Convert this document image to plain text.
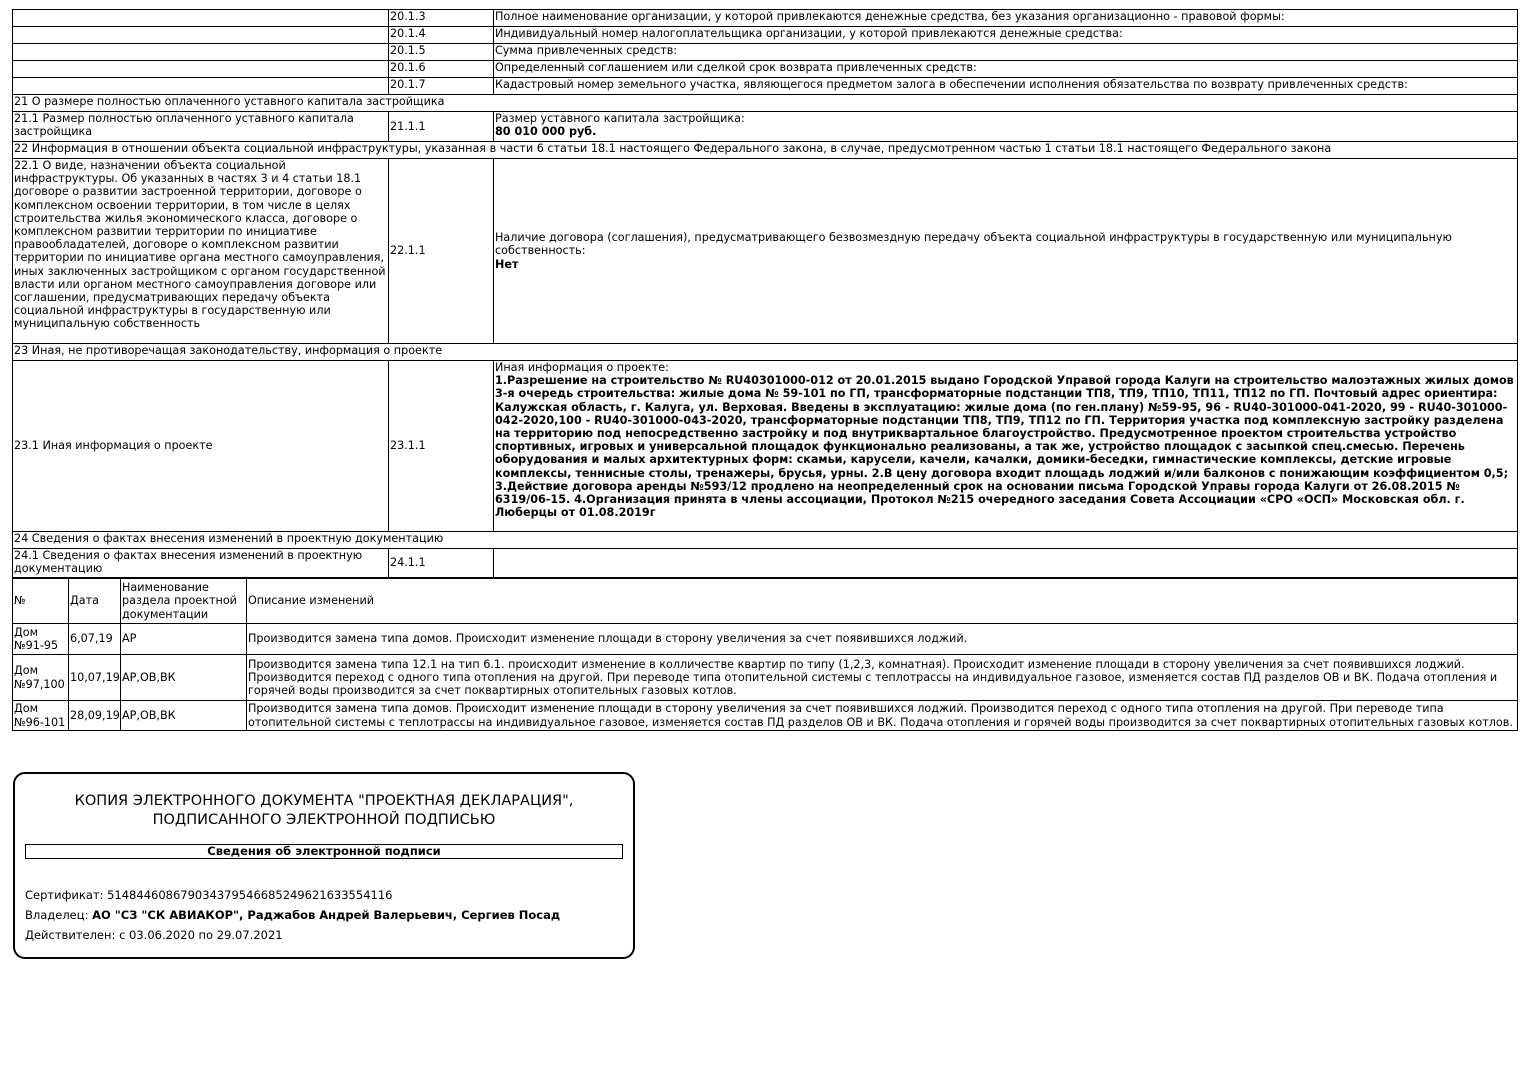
	20.1.3	Полное наименование организации, у которой привлекаются денежные средства, без указания организационно - правовой формы:
	20.1.4	Индивидуальный номер налогоплательщика организации, у которой привлекаются денежные средства:
	20.1.5	Сумма привлеченных средств:
	20.1.6	Определенный соглашением или сделкой срок возврата привлеченных средств:
	20.1.7	Кадастровый номер земельного участка, являющегося предметом залога в обеспечении исполнения обязательства по возврату привлеченных средств:
21 О размере полностью оплаченного уставного капитала застройщика		
21.1 Размер полностью оплаченного уставного капитала застройщика	21.1.1	Размер уставного капитала застройщика:
80 010 000 руб.

22 Информация в отношении объекта социальной инфраструктуры, указанная в части 6 статьи 18.1 настоящего Федерального закона, в случае, предусмотренном частью 1 статьи 18.1 настоящего Федерального закона		
22.1 О виде, назначении объекта социальной инфраструктуры. Об указанных в частях 3 и 4 статьи 18.1 договоре о развитии застроенной территории, договоре о комплексном освоении территории, в том числе в целях строительства жилья экономического класса, договоре о комплексном развитии территории по инициативе правообладателей, договоре о комплексном развитии территории по инициативе органа местного самоуправления, иных заключенных застройщиком с органом государственной власти или органом местного самоуправления договоре или соглашении, предусматривающих передачу объекта социальной инфраструктуры в государственную или муниципальную собственность	22.1.1	Наличие договора (соглашения), предусматривающего безвозмездную передачу объекта социальной инфраструктуры в государственную или муниципальную собственность:
Нет

23 Иная, не противоречащая законодательству, информация о проекте		
23.1 Иная информация о проекте	23.1.1	Иная информация о проекте:
1.Разрешение на строительство № RU40301000-012 от 20.01.2015 выдано Городской Управой города Калуги на строительство малоэтажных жилых домов 3-я очередь строительства: жилые дома № 59-101 по ГП, трансформаторные подстанции ТП8, ТП9, ТП10, ТП11, ТП12 по ГП. Почтовый адрес ориентира: Калужская область, г. Калуга, ул. Верховая. Введены в эксплуатацию: жилые дома (по ген.плану) №59-95, 96 - RU40-301000-041-2020, 99 - RU40-301000-042-2020,100 - RU40-301000-043-2020, трансформаторные подстанции ТП8, ТП9, ТП12 по ГП. Территория участка под комплексную застройку разделена на территорию под непосредственно застройку и под внутриквартальное благоустройство. Предусмотренное проектом строительства устройство спортивных, игровых и универсальной площадок функционально реализованы, а так же, устройство площадок с засыпкой спец.смесью. Перечень оборудования и малых архитектурных форм: скамьи, карусели, качели, качалки, домики-беседки, гимнастические комплексы, детские игровые комплексы, теннисные столы, тренажеры, брусья, урны. 2.В цену договора входит площадь лоджий и/или балконов с понижающим коэффициентом 0,5; 3.Действие договора аренды №593/12 продлено на неопределенный срок на основании письма Городской Управы города Калуги от 26.08.2015 № 6319/06-15. 4.Организация принята в члены ассоциации, Протокол №215 очередного заседания Совета Ассоциации «СРО «ОСП» Московская обл. г. Люберцы от 01.08.2019г

24 Сведения о фактах внесения изменений в проектную документацию		
24.1 Сведения о фактах внесения изменений в проектную документацию	24.1.1	
№	Дата	Наименование раздела проектной документации	Описание изменений
Дом №91-95	6,07,19	АР	Производится замена типа домов. Происходит изменение площади в сторону увеличения за счет появившихся лоджий.
Дом №97,100	10,07,19	АР,ОВ,ВК	Производится замена типа 12.1 на тип 6.1. происходит изменение в колличестве квартир по типу (1,2,3, комнатная). Происходит изменение площади в сторону увеличения за счет появившихся лоджий. Производится переход с одного типа отопления на другой. При переводе типа отопительной системы с теплотрассы на индивидуальное газовое, изменяется состав ПД разделов ОВ и ВК. Подача отопления и горячей воды производится за счет поквартирных отопительных газовых котлов.
Дом №96-101	28,09,19	АР,ОВ,ВК	Производится замена типа домов. Происходит изменение площади в сторону увеличения за счет появившихся лоджий. Производится переход с одного типа отопления на другой. При переводе типа отопительной системы с теплотрассы на индивидуальное газовое, изменяется состав ПД разделов ОВ и ВК. Подача отопления и горячей воды производится за счет поквартирных отопительных газовых котлов.
КОПИЯ ЭЛЕКТРОННОГО ДОКУМЕНТА "ПРОЕКТНАЯ ДЕКЛАРАЦИЯ",
ПОДПИСАННОГО ЭЛЕКТРОННОЙ ПОДПИСЬЮ
Сведения об электронной подписи
Сертификат: 51484460867903437954668524962163355411​6
Владелец: АО "СЗ "СК АВИАКОР", Раджабов Андрей Валерьевич, Сергиев Посад
Действителен: с 03.06.2020 по 29.07.2021
